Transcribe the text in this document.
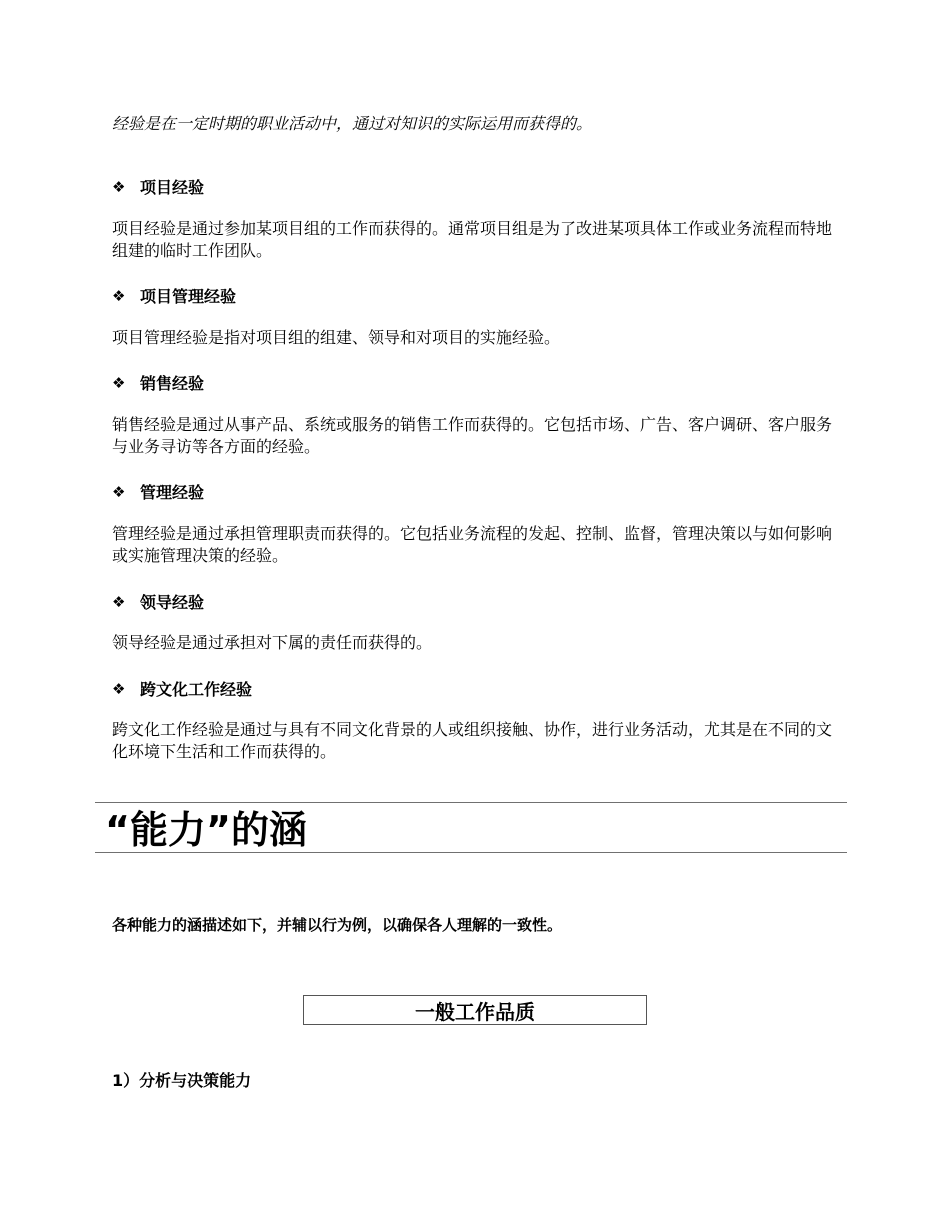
经验是在一定时期的职业活动中，通过对知识的实际运用而获得的。
❖ 项目经验
项目经验是通过参加某项目组的工作而获得的。通常项目组是为了改进某项具体工作或业务流程而特地组建的临时工作团队。
❖ 项目管理经验
项目管理经验是指对项目组的组建、领导和对项目的实施经验。
❖ 销售经验
销售经验是通过从事产品、系统或服务的销售工作而获得的。它包括市场、广告、客户调研、客户服务与业务寻访等各方面的经验。
❖ 管理经验
管理经验是通过承担管理职责而获得的。它包括业务流程的发起、控制、监督，管理决策以与如何影响或实施管理决策的经验。
❖ 领导经验
领导经验是通过承担对下属的责任而获得的。
❖ 跨文化工作经验
跨文化工作经验是通过与具有不同文化背景的人或组织接触、协作，进行业务活动，尤其是在不同的文化环境下生活和工作而获得的。
“能力”的涵
各种能力的涵描述如下，并辅以行为例，以确保各人理解的一致性。
一般工作品质
1）分析与决策能力
